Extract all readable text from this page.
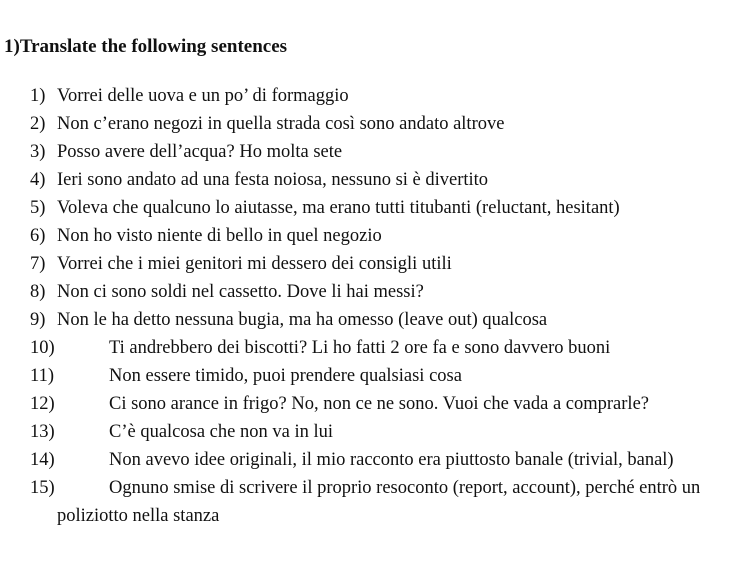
1)Translate the following sentences
1) Vorrei delle uova e un po’ di formaggio
2) Non c’erano negozi in quella strada così sono andato altrove
3) Posso avere dell’acqua? Ho molta sete
4) Ieri sono andato ad una festa noiosa, nessuno si è divertito
5) Voleva che qualcuno lo aiutasse, ma erano tutti titubanti (reluctant, hesitant)
6) Non ho visto niente di bello in quel negozio
7) Vorrei che i miei genitori mi dessero dei consigli utili
8) Non ci sono soldi nel cassetto. Dove li hai messi?
9) Non le ha detto nessuna bugia, ma ha omesso (leave out) qualcosa
10)	Ti andrebbero dei biscotti? Li ho fatti 2 ore fa e sono davvero buoni
11)	Non essere timido, puoi prendere qualsiasi cosa
12)	Ci sono arance in frigo? No, non ce ne sono. Vuoi che vada a comprarle?
13)	C’è qualcosa che non va in lui
14)	Non avevo idee originali, il mio racconto era piuttosto banale (trivial, banal)
15)	Ognuno smise di scrivere il proprio resoconto (report, account), perché entrò un poliziotto nella stanza
